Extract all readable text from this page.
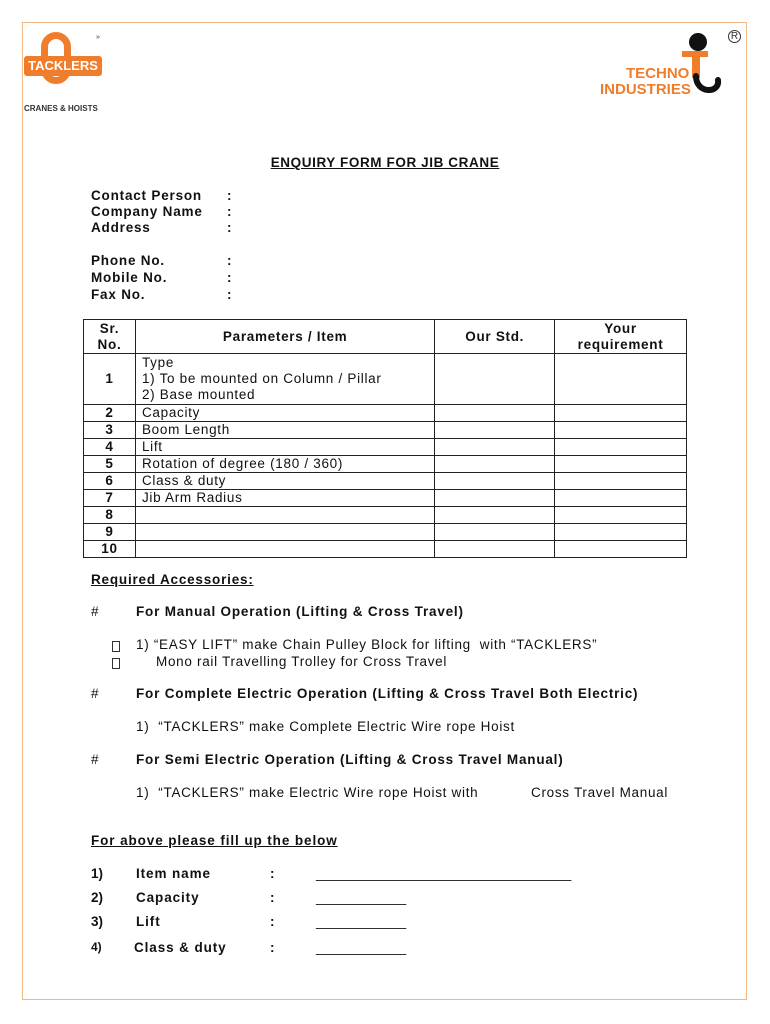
TACKLERS
»
CRANES & HOISTS
R
TECHNO
INDUSTRIES
ENQUIRY FORM FOR JIB CRANE
Contact Person :
Company Name :
Address	:
Phone No.	:
Mobile No.	:
Fax No.	:
Sr.
No.	Parameters / Item	Our Std.	Your
requirement
1	Type
1) To be mounted on Column / Pillar
2) Base mounted		
2	Capacity		
3	Boom Length		
4	Lift		
5	Rotation of degree (180 / 360)		
6	Class & duty		
7	Jib Arm Radius		
8			
9			
10			
Required Accessories:
#	For Manual Operation (Lifting & Cross Travel)
1) “EASY LIFT” make Chain Pulley Block for lifting  with “TACKLERS”
Mono rail Travelling Trolley for Cross Travel
#	For Complete Electric Operation (Lifting & Cross Travel Both Electric)
1)  “TACKLERS” make Complete Electric Wire rope Hoist
#	For Semi Electric Operation (Lifting & Cross Travel Manual)
1)  “TACKLERS” make Electric Wire rope Hoist with	Cross Travel Manual
For above please fill up the below
1) Item name	:	__________________________________
2) Capacity	:	____________
3) Lift	:	____________
4) Class & duty	:	____________
